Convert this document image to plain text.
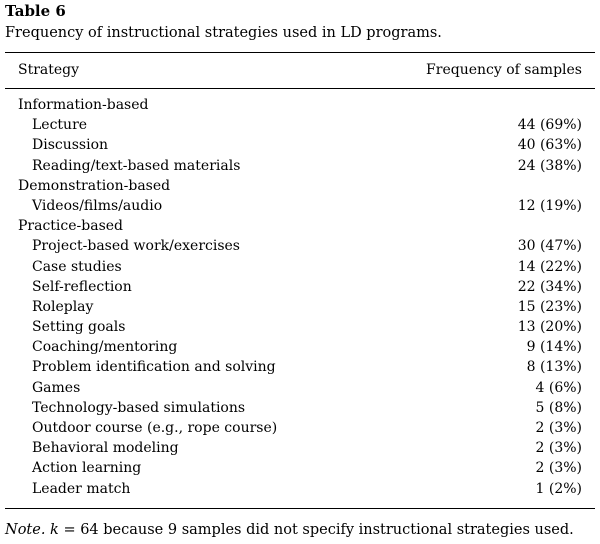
Table 6
Frequency of instructional strategies used in LD programs.
Strategy	Frequency of samples
Information-based
Lecture	44 (69%)
Discussion	40 (63%)
Reading/text-based materials	24 (38%)
Demonstration-based
Videos/films/audio	12 (19%)
Practice-based
Project-based work/exercises	30 (47%)
Case studies	14 (22%)
Self-reflection	22 (34%)
Roleplay	15 (23%)
Setting goals	13 (20%)
Coaching/mentoring	9 (14%)
Problem identification and solving	8 (13%)
Games	4 (6%)
Technology-based simulations	5 (8%)
Outdoor course (e.g., rope course)	2 (3%)
Behavioral modeling	2 (3%)
Action learning	2 (3%)
Leader match	1 (2%)
Note. k = 64 because 9 samples did not specify instructional strategies used.
